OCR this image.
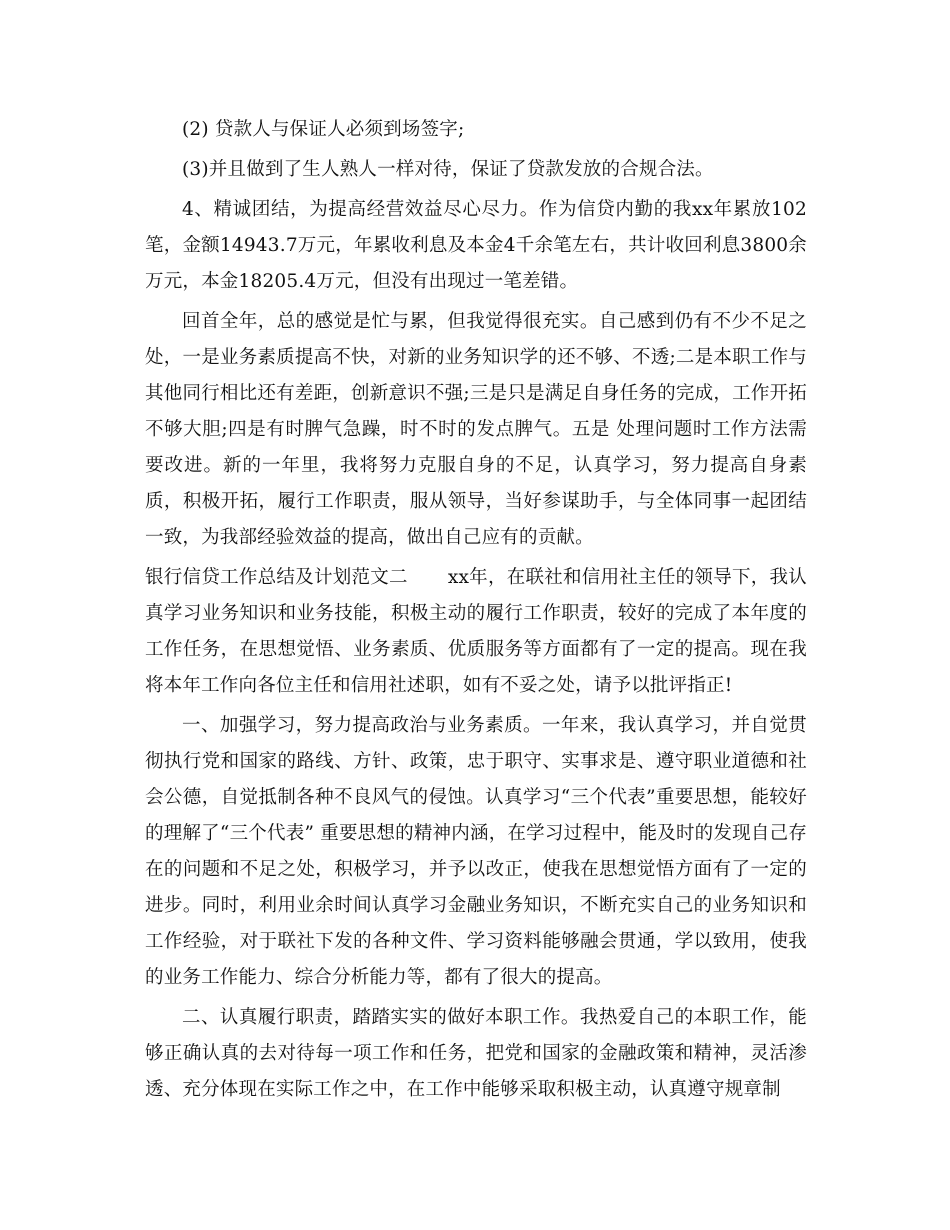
(2) 贷款人与保证人必须到场签字;

(3)并且做到了生人熟人一样对待，保证了贷款发放的合规合法。

4、精诚团结，为提高经营效益尽心尽力。作为信贷内勤的我xx年累放102笔，金额14943.7万元，年累收利息及本金4千余笔左右，共计收回利息3800余万元，本金18205.4万元，但没有出现过一笔差错。

回首全年，总的感觉是忙与累，但我觉得很充实。自己感到仍有不少不足之处，一是业务素质提高不快，对新的业务知识学的还不够、不透;二是本职工作与其他同行相比还有差距，创新意识不强;三是只是满足自身任务的完成，工作开拓不够大胆;四是有时脾气急躁，时不时的发点脾气。五是 处理问题时工作方法需要改进。新的一年里，我将努力克服自身的不足，认真学习，努力提高自身素质，积极开拓，履行工作职责，服从领导，当好参谋助手，与全体同事一起团结一致，为我部经验效益的提高，做出自己应有的贡献。

银行信贷工作总结及计划范文二 xx年，在联社和信用社主任的领导下，我认真学习业务知识和业务技能，积极主动的履行工作职责，较好的完成了本年度的工作任务，在思想觉悟、业务素质、优质服务等方面都有了一定的提高。现在我将本年工作向各位主任和信用社述职，如有不妥之处，请予以批评指正!

一、加强学习，努力提高政治与业务素质。一年来，我认真学习，并自觉贯彻执行党和国家的路线、方针、政策，忠于职守、实事求是、遵守职业道德和社会公德，自觉抵制各种不良风气的侵蚀。认真学习“三个代表”重要思想，能较好的理解了“三个代表” 重要思想的精神内涵，在学习过程中，能及时的发现自己存在的问题和不足之处，积极学习，并予以改正，使我在思想觉悟方面有了一定的进步。同时，利用业余时间认真学习金融业务知识，不断充实自己的业务知识和工作经验，对于联社下发的各种文件、学习资料能够融会贯通，学以致用，使我的业务工作能力、综合分析能力等，都有了很大的提高。

二、认真履行职责，踏踏实实的做好本职工作。我热爱自己的本职工作，能够正确认真的去对待每一项工作和任务，把党和国家的金融政策和精神，灵活渗透、充分体现在实际工作之中，在工作中能够采取积极主动，认真遵守规章制
